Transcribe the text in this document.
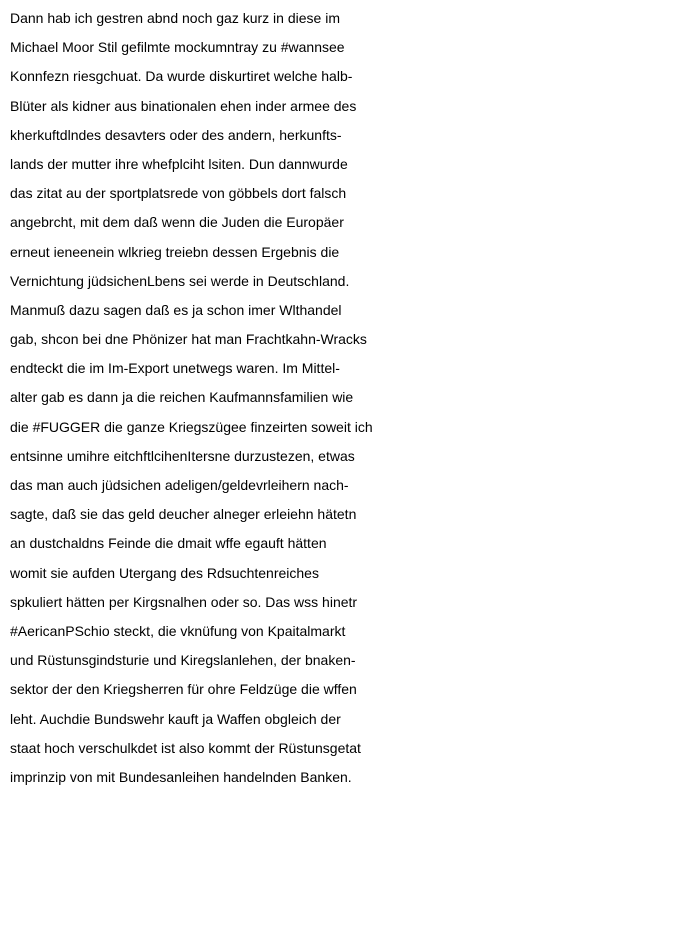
Dann hab ich gestren abnd noch gaz kurz in diese im
Michael Moor Stil gefilmte mockumntray zu #wannsee
Konnfezn riesgchuat. Da wurde diskurtiret welche halb-
Blüter als kidner aus binationalen ehen inder armee des
kherkuftdlndes desavters oder des andern, herkunfts-
lands der mutter ihre whefplciht lsiten. Dun dannwurde
das zitat au der sportplatsrede von göbbels dort falsch
angebrcht, mit dem daß wenn die Juden die Europäer
erneut ieneenein wlkrieg treiebn dessen Ergebnis die
Vernichtung jüdsichenLbens sei werde in Deutschland.
Manmuß dazu sagen daß es ja schon imer Wlthandel
gab, shcon bei dne Phönizer hat man Frachtkahn-Wracks
endteckt die im Im-Export unetwegs waren. Im Mittel-
alter gab es dann ja die reichen Kaufmannsfamilien wie
die #FUGGER die ganze Kriegszügee finzeirten soweit ich
entsinne umihre eitchftlcihenItersne durzustezen, etwas
das man auch jüdsichen adeligen/geldevrleihern nach-
sagte, daß sie das geld deucher alneger erleiehn hätetn
an dustchaldns Feinde die dmait wffe egauft hätten
womit sie aufden Utergang des Rdsuchtenreiches
spkuliert hätten per Kirgsnalhen oder so. Das wss hinetr
#AericanPSchio steckt, die vknüfung von Kpaitalmarkt
und Rüstunsgindsturie und Kiregslanlehen, der bnaken-
sektor der den Kriegsherren für ohre Feldzüge die wffen
leht. Auchdie Bundswehr kauft ja Waffen obgleich der
staat hoch verschulkdet ist also kommt der Rüstunsgetat
imprinzip von mit Bundesanleihen handelnden Banken.
